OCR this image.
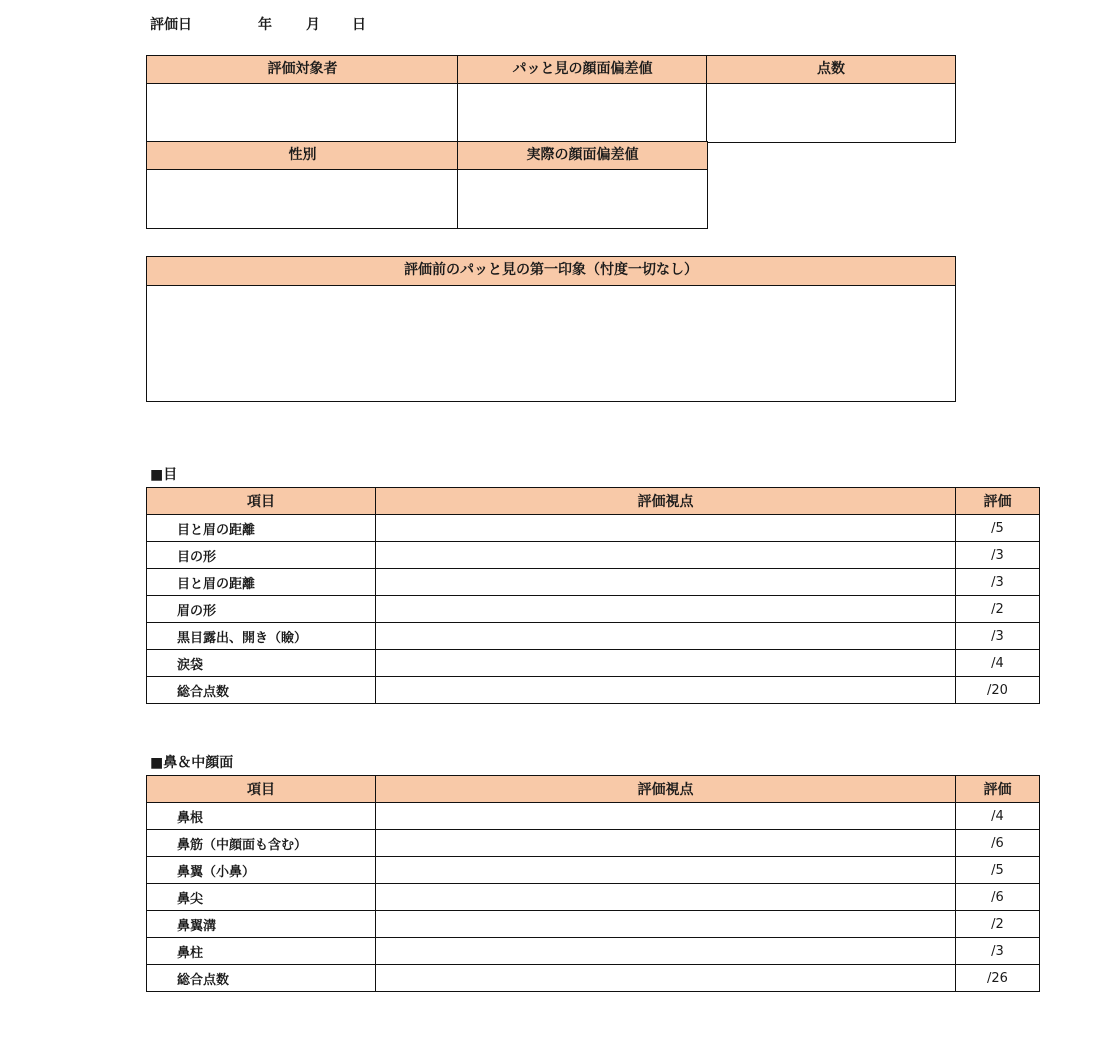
評価日	年 月 日
評価対象者	パッと見の顔面偏差値	点数
性別	実際の顔面偏差値
評価前のパッと見の第一印象（忖度一切なし）
■目
項目	評価視点	評価
目と眉の距離		/5
目の形		/3
目と眉の距離		/3
眉の形		/2
黒目露出、開き（瞼）		/3
涙袋		/4
総合点数		/20
■鼻＆中顔面
項目	評価視点	評価
鼻根		/4
鼻筋（中顔面も含む）		/6
鼻翼（小鼻）		/5
鼻尖		/6
鼻翼溝		/2
鼻柱		/3
総合点数		/26
